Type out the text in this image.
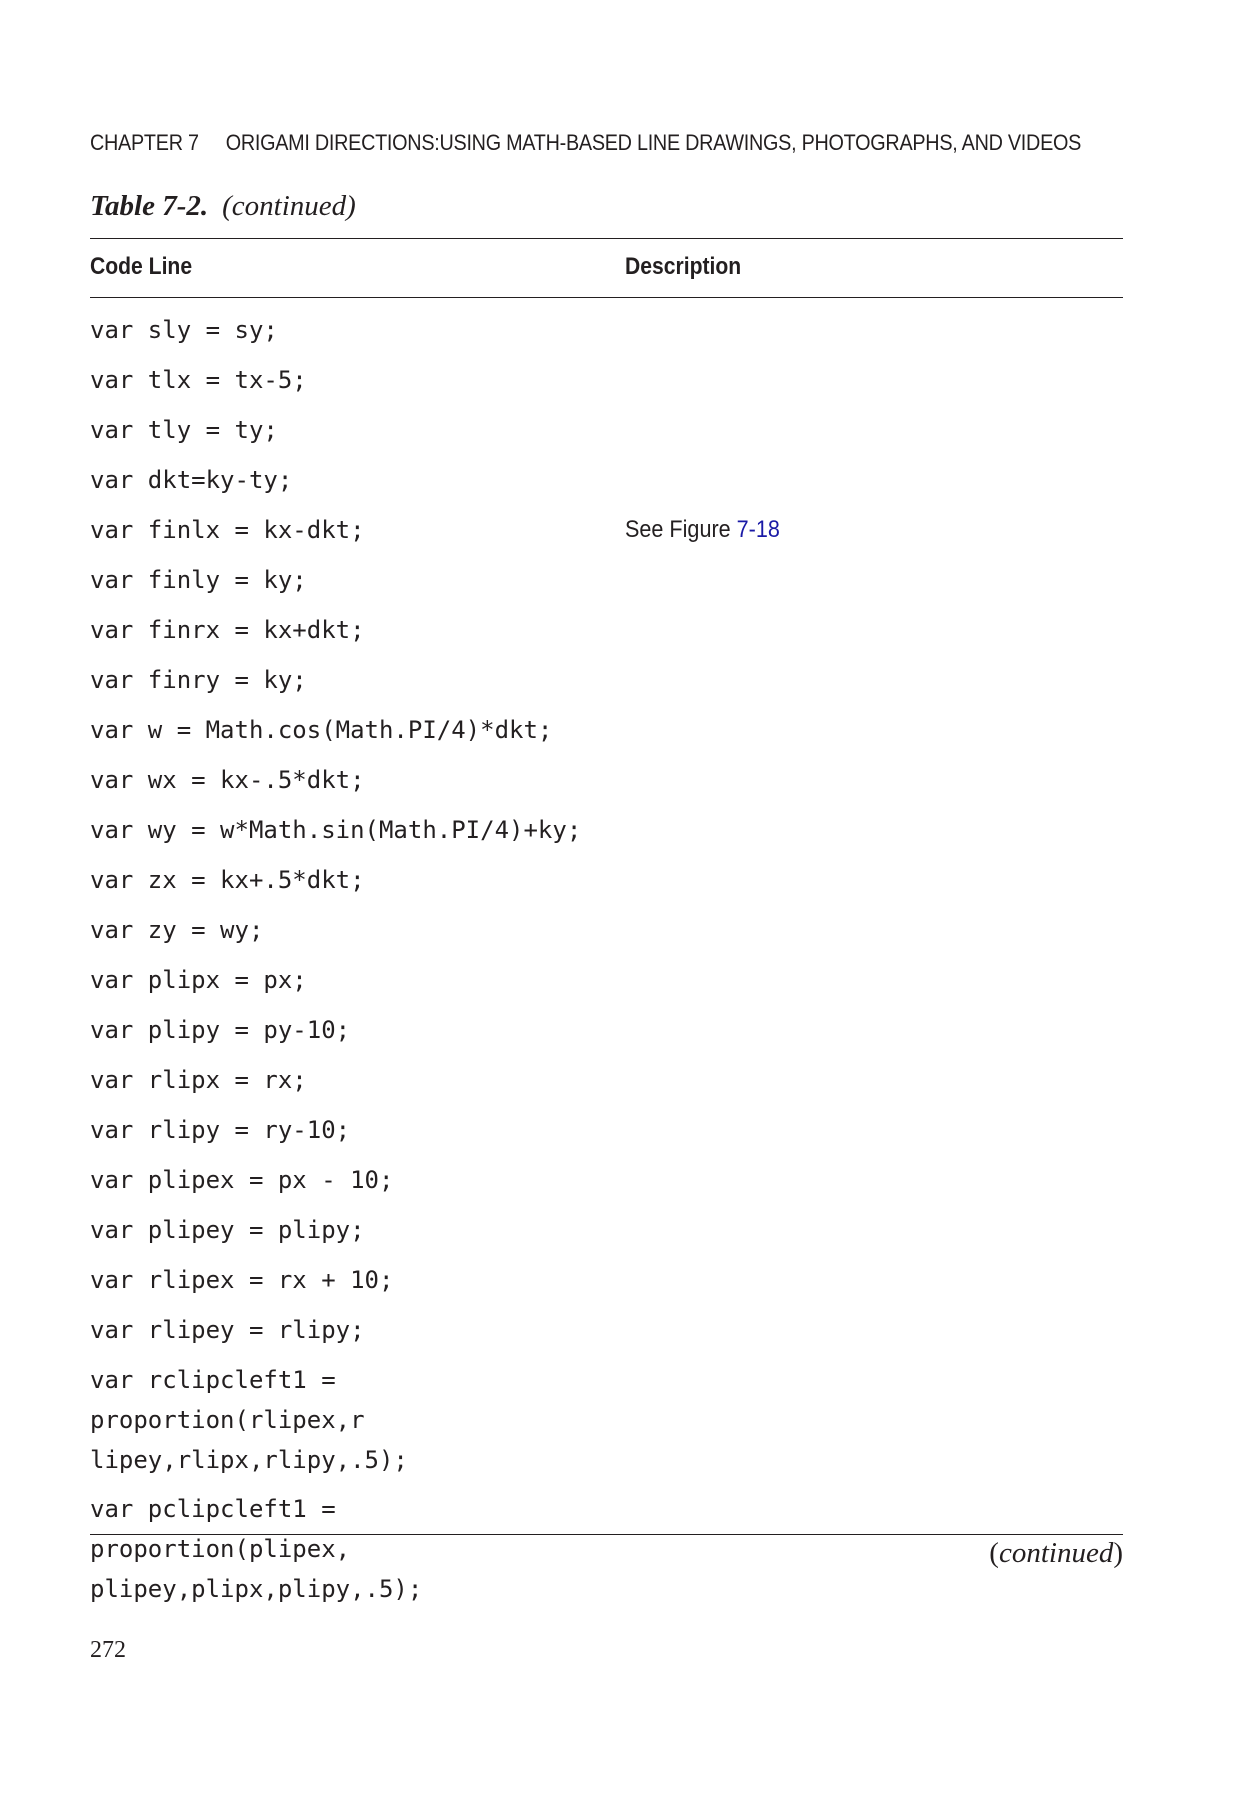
CHAPTER 7 ORIGAMI DIRECTIONS:USING MATH-BASED LINE DRAWINGS, PHOTOGRAPHS, AND VIDEOS
Table 7-2. (continued)
Code Line	Description
var sly = sy;
var tlx = tx-5;
var tly = ty;
var dkt=ky-ty;
var finlx = kx-dkt;	See Figure 7-18
var finly = ky;
var finrx = kx+dkt;
var finry = ky;
var w = Math.cos(Math.PI/4)*dkt;
var wx = kx-.5*dkt;
var wy = w*Math.sin(Math.PI/4)+ky;
var zx = kx+.5*dkt;
var zy = wy;
var plipx = px;
var plipy = py-10;
var rlipx = rx;
var rlipy = ry-10;
var plipex = px - 10;
var plipey = plipy;
var rlipex = rx + 10;
var rlipey = rlipy;
var rclipcleft1 = proportion(rlipex,r
lipey,rlipx,rlipy,.5);
var pclipcleft1 = proportion(plipex,
plipey,plipx,plipy,.5);
(continued)
272
